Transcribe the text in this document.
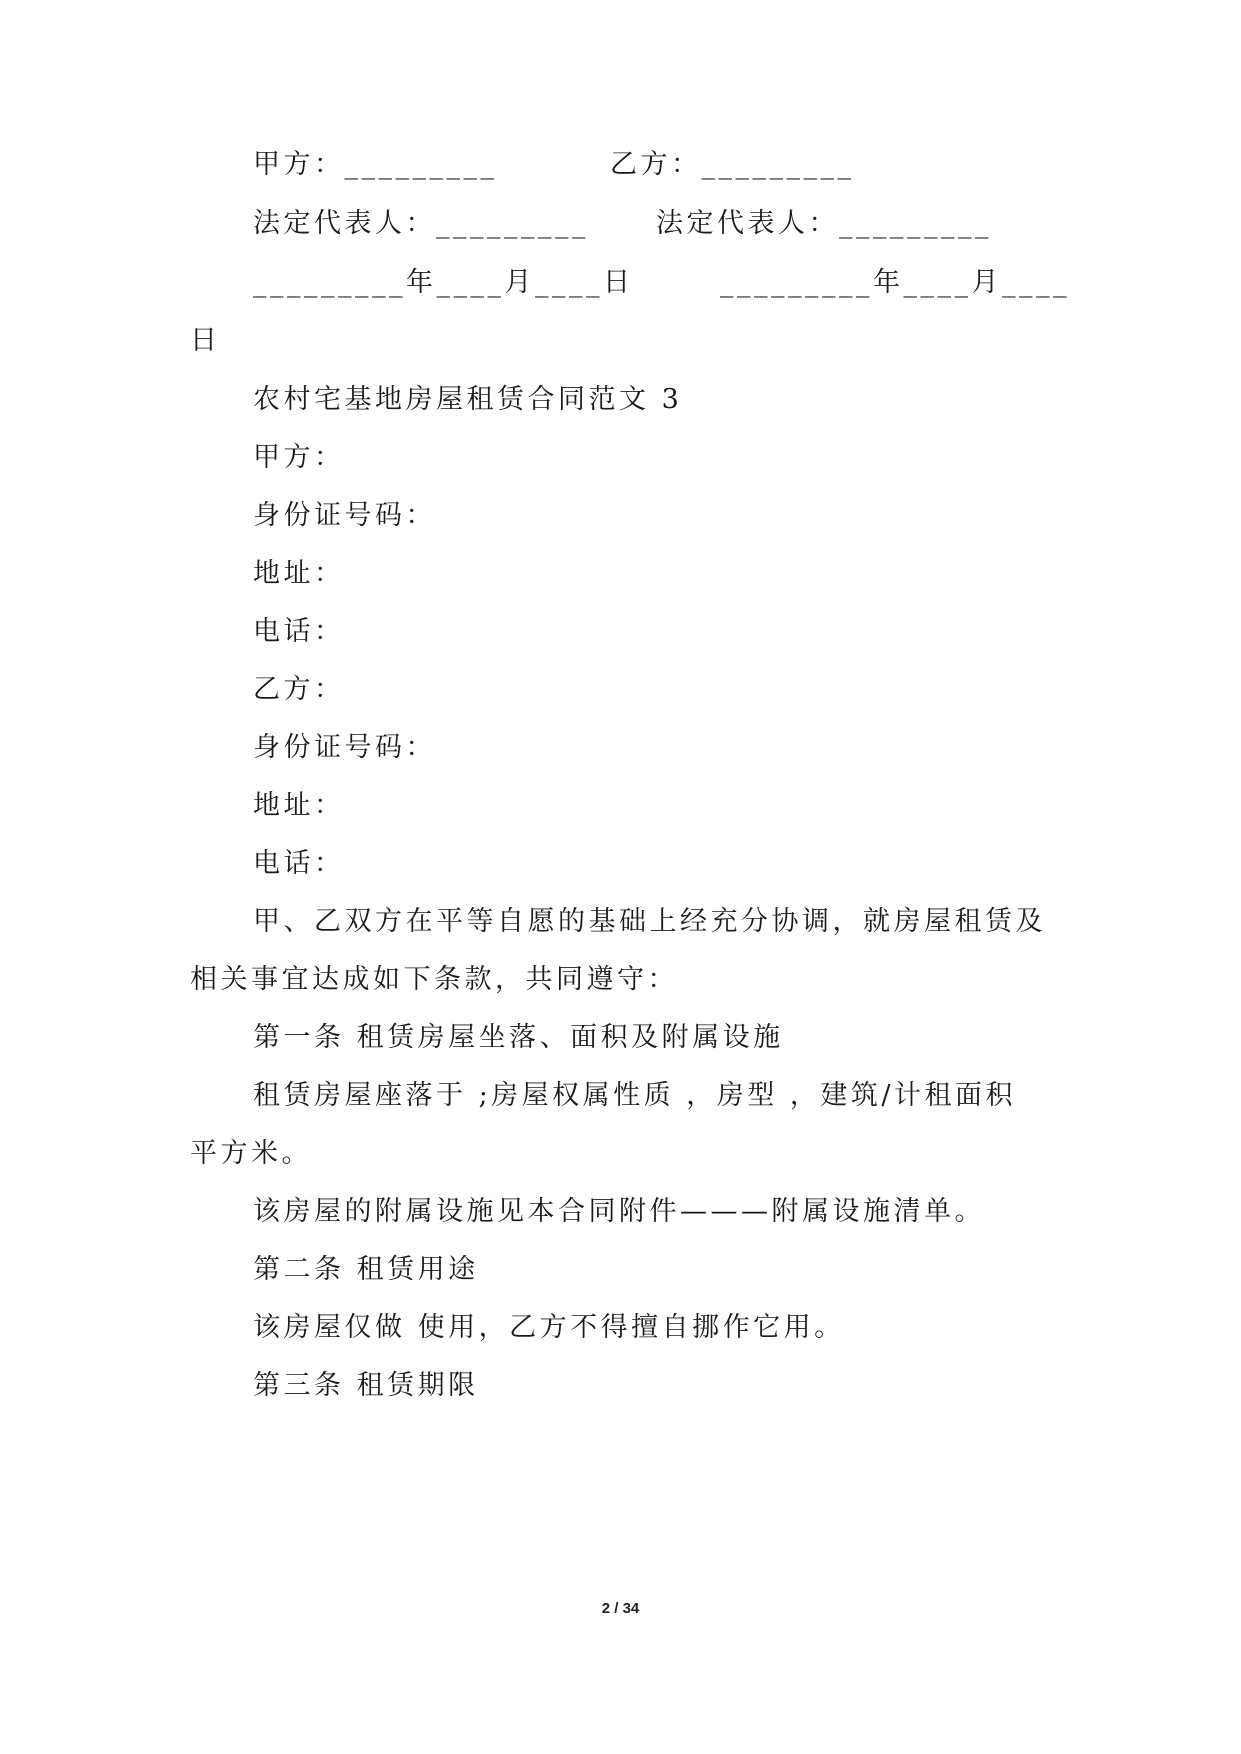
甲方：_________	乙方：_________
法定代表人：_________ 法定代表人：_________
_________年____月____日	_________年____月____
日
农村宅基地房屋租赁合同范文 3
甲方：
身份证号码：
地址：
电话：
乙方：
身份证号码：
地址：
电话：
甲、乙双方在平等自愿的基础上经充分协调，就房屋租赁及
相关事宜达成如下条款，共同遵守：
第一条 租赁房屋坐落、面积及附属设施
租赁房屋座落于 ;房屋权属性质 ，房型 ，建筑/计租面积
平方米。
该房屋的附属设施见本合同附件———附属设施清单。
第二条 租赁用途
该房屋仅做 使用，乙方不得擅自挪作它用。
第三条 租赁期限
2 / 34
